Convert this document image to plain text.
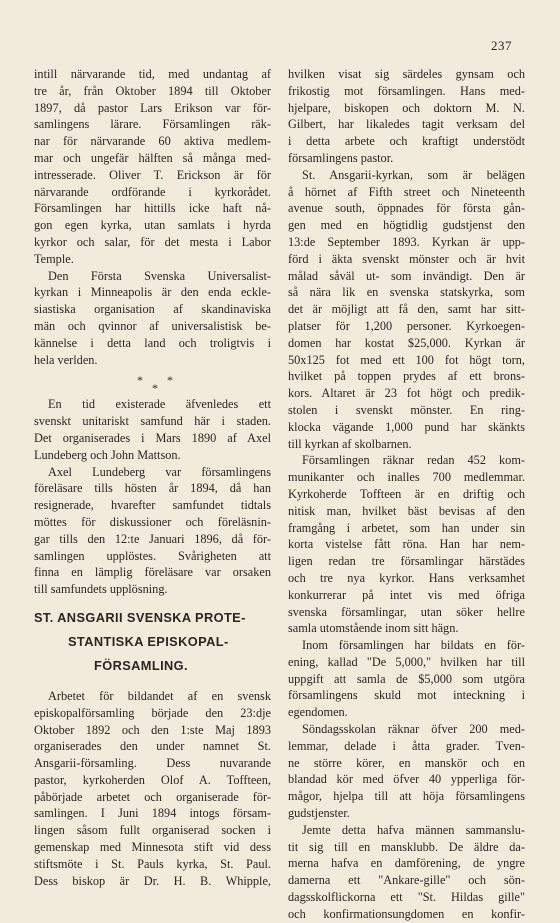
237
intill närvarande tid, med undantag af
tre år, från Oktober 1894 till Oktober
1897, då pastor Lars Erikson var för-
samlingens lärare. Församlingen räk-
nar för närvarande 60 aktiva medlem-
mar och ungefär hälften så många med-
intresserade. Oliver T. Erickson är för
närvarande ordförande i kyrkorådet.
Församlingen har hittills icke haft nå-
gon egen kyrka, utan samlats i hyrda
kyrkor och salar, för det mesta i Labor
Temple.
Den Första Svenska Universalist-
kyrkan i Minneapolis är den enda eckle-
siastiska organisation af skandinaviska
män och qvinnor af universalistisk be-
kännelse i detta land och troligtvis i
hela verlden.
*
*
*
En tid existerade äfvenledes ett
svenskt unitariskt samfund här i staden.
Det organiserades i Mars 1890 af Axel
Lundeberg och John Mattson.
Axel Lundeberg var församlingens
föreläsare tills hösten år 1894, då han
resignerade, hvarefter samfundet tidtals
möttes för diskussioner och föreläsnin-
gar tills den 12:te Januari 1896, då för-
samlingen upplöstes. Svårigheten att
finna en lämplig föreläsare var orsaken
till samfundets upplösning.
ST. ANSGARII SVENSKA PROTE-
STANTISKA EPISKOPAL-
FÖRSAMLING.
Arbetet för bildandet af en svensk
episkopalförsamling började den 23:dje
Oktober 1892 och den 1:ste Maj 1893
organiserades den under namnet St.
Ansgarii-församling. Dess nuvarande
pastor, kyrkoherden Olof A. Toffteen,
påbörjade arbetet och organiserade för-
samlingen. I Juni 1894 intogs försam-
lingen såsom fullt organiserad socken i
gemenskap med Minnesota stift vid dess
stiftsmöte i St. Pauls kyrka, St. Paul.
Dess biskop är Dr. H. B. Whipple,
hvilken visat sig särdeles gynsam och
frikostig mot församlingen. Hans med-
hjelpare, biskopen och doktorn M. N.
Gilbert, har likaledes tagit verksam del
i detta arbete och kraftigt understödt
församlingens pastor.
St. Ansgarii-kyrkan, som är belägen
å hörnet af Fifth street och Nineteenth
avenue south, öppnades för första gån-
gen med en högtidlig gudstjenst den
13:de September 1893. Kyrkan är upp-
förd i äkta svenskt mönster och är hvit
målad såväl ut- som invändigt. Den är
så nära lik en svenska statskyrka, som
det är möjligt att få den, samt har sitt-
platser för 1,200 personer. Kyrkoegen-
domen har kostat $25,000. Kyrkan är
50x125 fot med ett 100 fot högt torn,
hvilket på toppen prydes af ett brons-
kors. Altaret är 23 fot högt och predik-
stolen i svenskt mönster. En ring-
klocka vägande 1,000 pund har skänkts
till kyrkan af skolbarnen.
Församlingen räknar redan 452 kom-
munikanter och inalles 700 medlemmar.
Kyrkoherde Toffteen är en driftig och
nitisk man, hvilket bäst bevisas af den
framgång i arbetet, som han under sin
korta vistelse fått röna. Han har nem-
ligen redan tre församlingar härstädes
och tre nya kyrkor. Hans verksamhet
konkurrerar på intet vis med öfriga
svenska församlingar, utan söker hellre
samla utomstående inom sitt hägn.
Inom församlingen har bildats en för-
ening, kallad "De 5,000," hvilken har till
uppgift att samla de $5,000 som utgöra
församlingens skuld mot inteckning i
egendomen.
Söndagsskolan räknar öfver 200 med-
lemmar, delade i åtta grader. Tven-
ne större körer, en manskör och en
blandad kör med öfver 40 ypperliga för-
mågor, hjelpa till att höja församlingens
gudstjenster.
Jemte detta hafva männen sammanslu-
tit sig till en mansklubb. De äldre da-
merna hafva en damförening, de yngre
damerna ett "Ankare-gille" och sön-
dagsskolflickorna ett "St. Hildas gille"
och konfirmationsungdomen en konfir-
